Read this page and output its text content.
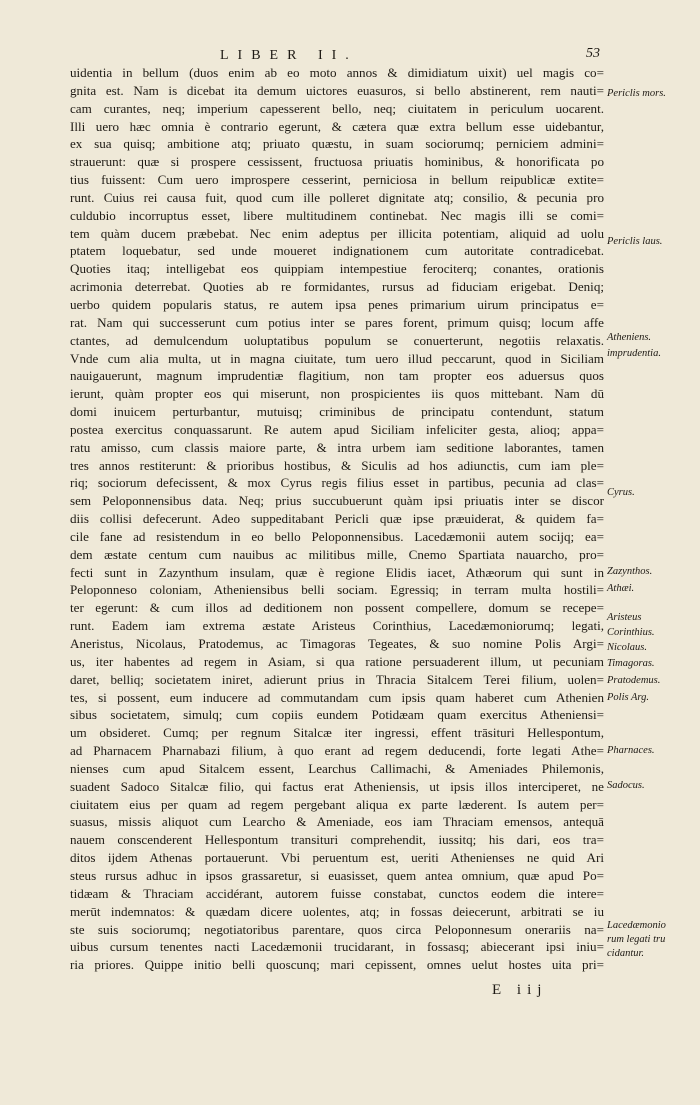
LIBER II.	53
uidentia in bellum (duos enim ab eo moto annos & dimidiatum uixit) uel magis co=
gnita est. Nam is dicebat ita demum uictores euasuros, si bello abstinerent, rem nauti=
cam curantes, neq; imperium capesserent bello, neq; ciuitatem in periculum uocarent.
Illi uero hæc omnia è contrario egerunt, & cætera quæ extra bellum esse uidebantur,
ex sua quisq; ambitione atq; priuato quæstu, in suam sociorumq; perniciem admini=
strauerunt: quæ si prospere cessissent, fructuosa priuatis hominibus, & honorificata po
tius fuissent: Cum uero improspere cesserint, perniciosa in bellum reipublicæ extite=
runt. Cuius rei causa fuit, quod cum ille polleret dignitate atq; consilio, & pecunia pro
culdubio incorruptus esset, libere multitudinem continebat. Nec magis illi se comi=
tem quàm ducem præbebat. Nec enim adeptus per illicita potentiam, aliquid ad uolu
ptatem loquebatur, sed unde moueret indignationem cum autoritate contradicebat.
Quoties itaq; intelligebat eos quippiam intempestiue ferociterq; conantes, orationis
acrimonia deterrebat. Quoties ab re formidantes, rursus ad fiduciam erigebat. Deniq;
uerbo quidem popularis status, re autem ipsa penes primarium uirum principatus e=
rat. Nam qui successerunt cum potius inter se pares forent, primum quisq; locum affe
ctantes, ad demulcendum uoluptatibus populum se conuerterunt, negotiis relaxatis.
Vnde cum alia multa, ut in magna ciuitate, tum uero illud peccarunt, quod in Siciliam
nauigauerunt, magnum imprudentiæ flagitium, non tam propter eos aduersus quos
ierunt, quàm propter eos qui miserunt, non prospicientes iis quos mittebant. Nam dū
domi inuicem perturbantur, mutuisq; criminibus de principatu contendunt, statum
postea exercitus conquassarunt. Re autem apud Siciliam infeliciter gesta, alioq; appa=
ratu amisso, cum classis maiore parte, & intra urbem iam seditione laborantes, tamen
tres annos restiterunt: & prioribus hostibus, & Siculis ad hos adiunctis, cum iam ple=
riq; sociorum defecissent, & mox Cyrus regis filius esset in partibus, pecunia ad clas=
sem Peloponnensibus data. Neq; prius succubuerunt quàm ipsi priuatis inter se discor
diis collisi defecerunt. Adeo suppeditabant Pericli quæ ipse præuiderat, & quidem fa=
cile fane ad resistendum in eo bello Peloponnensibus. Lacedæmonii autem socijq; ea=
dem æstate centum cum nauibus ac militibus mille, Cnemo Spartiata nauarcho, pro=
fecti sunt in Zazynthum insulam, quæ è regione Elidis iacet, Athæorum qui sunt in
Peloponneso coloniam, Atheniensibus belli sociam. Egressiq; in terram multa hostili=
ter egerunt: & cum illos ad deditionem non possent compellere, domum se recepe=
runt. Eadem iam extrema æstate Aristeus Corinthius, Lacedæmoniorumq; legati,
Aneristus, Nicolaus, Pratodemus, ac Timagoras Tegeates, & suo nomine Polis Argi=
us, iter habentes ad regem in Asiam, si qua ratione persuaderent illum, ut pecuniam
daret, belliq; societatem iniret, adierunt prius in Thracia Sitalcem Terei filium, uolen=
tes, si possent, eum inducere ad commutandam cum ipsis quam haberet cum Athenien
sibus societatem, simulq; cum copiis eundem Potidæam quam exercitus Atheniensi=
um obsideret. Cumq; per regnum Sitalcæ iter ingressi, effent trāsituri Hellespontum,
ad Pharnacem Pharnabazi filium, à quo erant ad regem deducendi, forte legati Athe=
nienses cum apud Sitalcem essent, Learchus Callimachi, & Ameniades Philemonis,
suadent Sadoco Sitalcæ filio, qui factus erat Atheniensis, ut ipsis illos interciperet, ne
ciuitatem eius per quam ad regem pergebant aliqua ex parte læderent. Is autem per=
suasus, missis aliquot cum Learcho & Ameniade, eos iam Thraciam emensos, antequā
nauem conscenderent Hellespontum transituri comprehendit, iussitq; his dari, eos tra=
ditos ijdem Athenas portauerunt. Vbi peruentum est, ueriti Athenienses ne quid Ari
steus rursus adhuc in ipsos grassaretur, si euasisset, quem antea omnium, quæ apud Po=
tidæam & Thraciam accidérant, autorem fuisse constabat, cunctos eodem die intere=
merūt indemnatos: & quædam dicere uolentes, atq; in fossas deiecerunt, arbitrati se iu
ste suis sociorumq; negotiatoribus parentare, quos circa Peloponnesum onerariis na=
uibus cursum tenentes nacti Lacedæmonii trucidarant, in fossasq; abiecerant ipsi iniu=
ria priores. Quippe initio belli quoscunq; mari cepissent, omnes uelut hostes uita pri=
Periclis mors.
Periclis laus.
Atheniens.
imprudentia.
Cyrus.
Zazynthos.
Athæi.
Aristeus
Corinthius.
Nicolaus.
Timagoras.
Pratodemus.
Polis Arg.
Pharnaces.
Sadocus.
Lacedæmonio
rum legati tru
cidantur.
E iij
